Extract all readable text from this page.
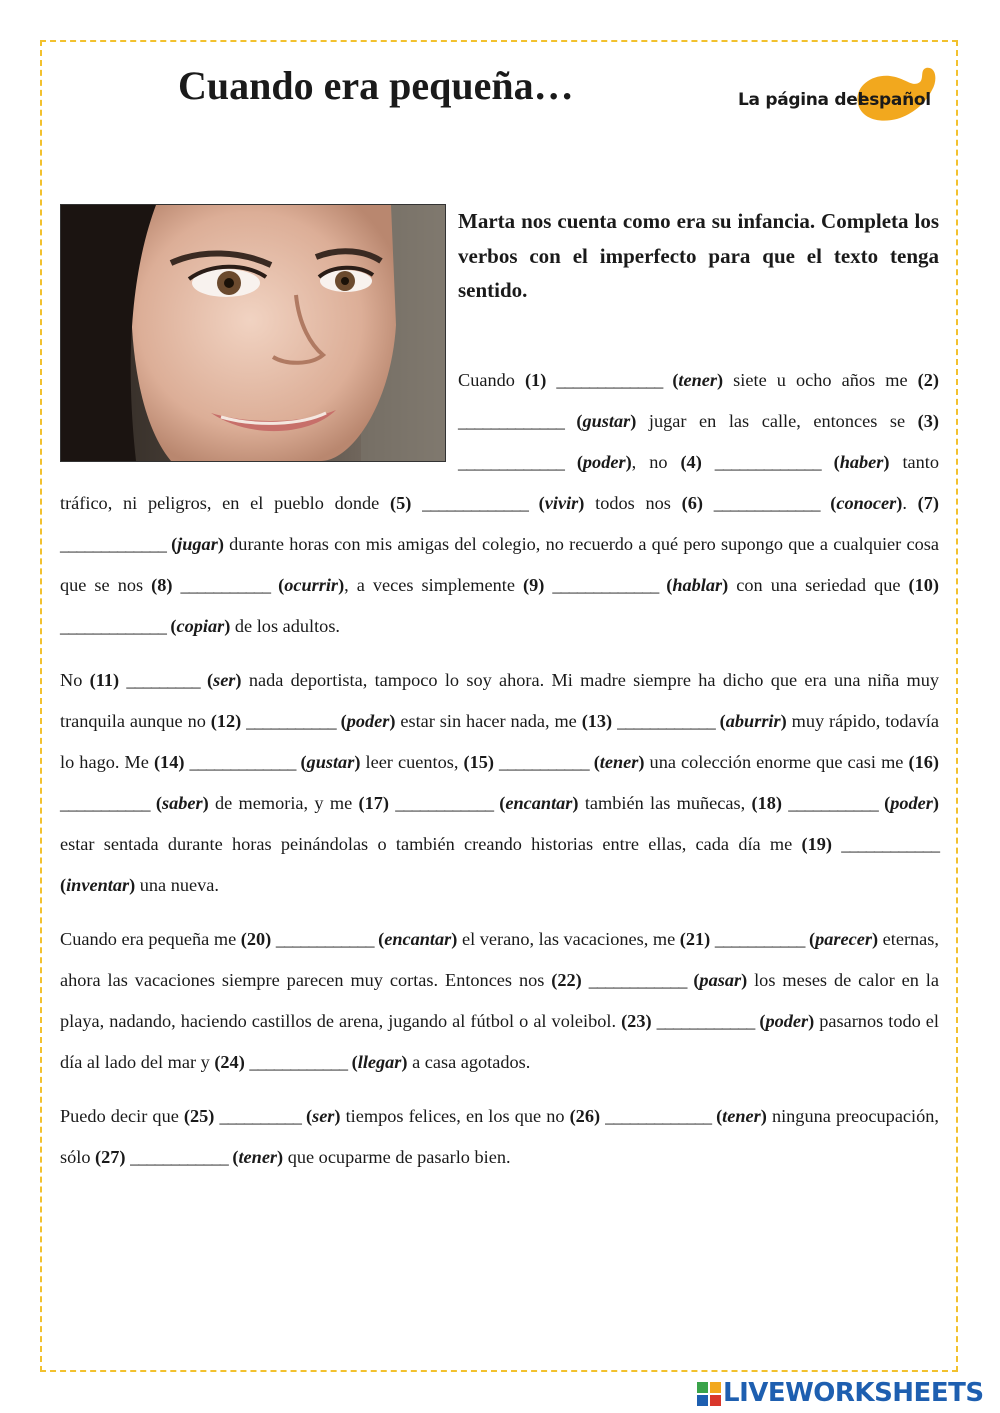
Cuando era pequeña…	La página del
español

Marta nos cuenta como era su infancia. Completa los verbos con el imperfecto para que el texto tenga sentido.

Cuando (1) _____________ (tener) siete u ocho años me (2) _____________ (gustar) jugar en las calle, entonces se (3) _____________ (poder), no (4) _____________ (haber) tanto tráfico, ni peligros, en el pueblo donde (5) _____________ (vivir) todos nos (6) _____________ (conocer). (7) _____________ (jugar) durante horas con mis amigas del colegio, no recuerdo a qué pero supongo que a cualquier cosa que se nos (8) ___________ (ocurrir), a veces simplemente (9) _____________ (hablar) con una seriedad que (10) _____________ (copiar) de los adultos.

No (11) _________ (ser) nada deportista, tampoco lo soy ahora. Mi madre siempre ha dicho que era una niña muy tranquila aunque no (12) ___________ (poder) estar sin hacer nada, me (13) ____________ (aburrir) muy rápido, todavía lo hago. Me (14) _____________ (gustar) leer cuentos, (15) ___________ (tener) una colección enorme que casi me (16) ___________ (saber) de memoria, y me (17) ____________ (encantar) también las muñecas, (18) ___________ (poder) estar sentada durante horas peinándolas o también creando historias entre ellas, cada día me (19) ____________ (inventar) una nueva.

Cuando era pequeña me (20) ____________ (encantar) el verano, las vacaciones, me (21) ___________ (parecer) eternas, ahora las vacaciones siempre parecen muy cortas. Entonces nos (22) ____________ (pasar) los meses de calor en la playa, nadando, haciendo castillos de arena, jugando al fútbol o al voleibol. (23) ____________ (poder) pasarnos todo el día al lado del mar y (24) ____________ (llegar) a casa agotados.

Puedo decir que (25) __________ (ser) tiempos felices, en los que no (26) _____________ (tener) ninguna preocupación, sólo (27) ____________ (tener) que ocuparme de pasarlo bien.

LIVEWORKSHEETS
